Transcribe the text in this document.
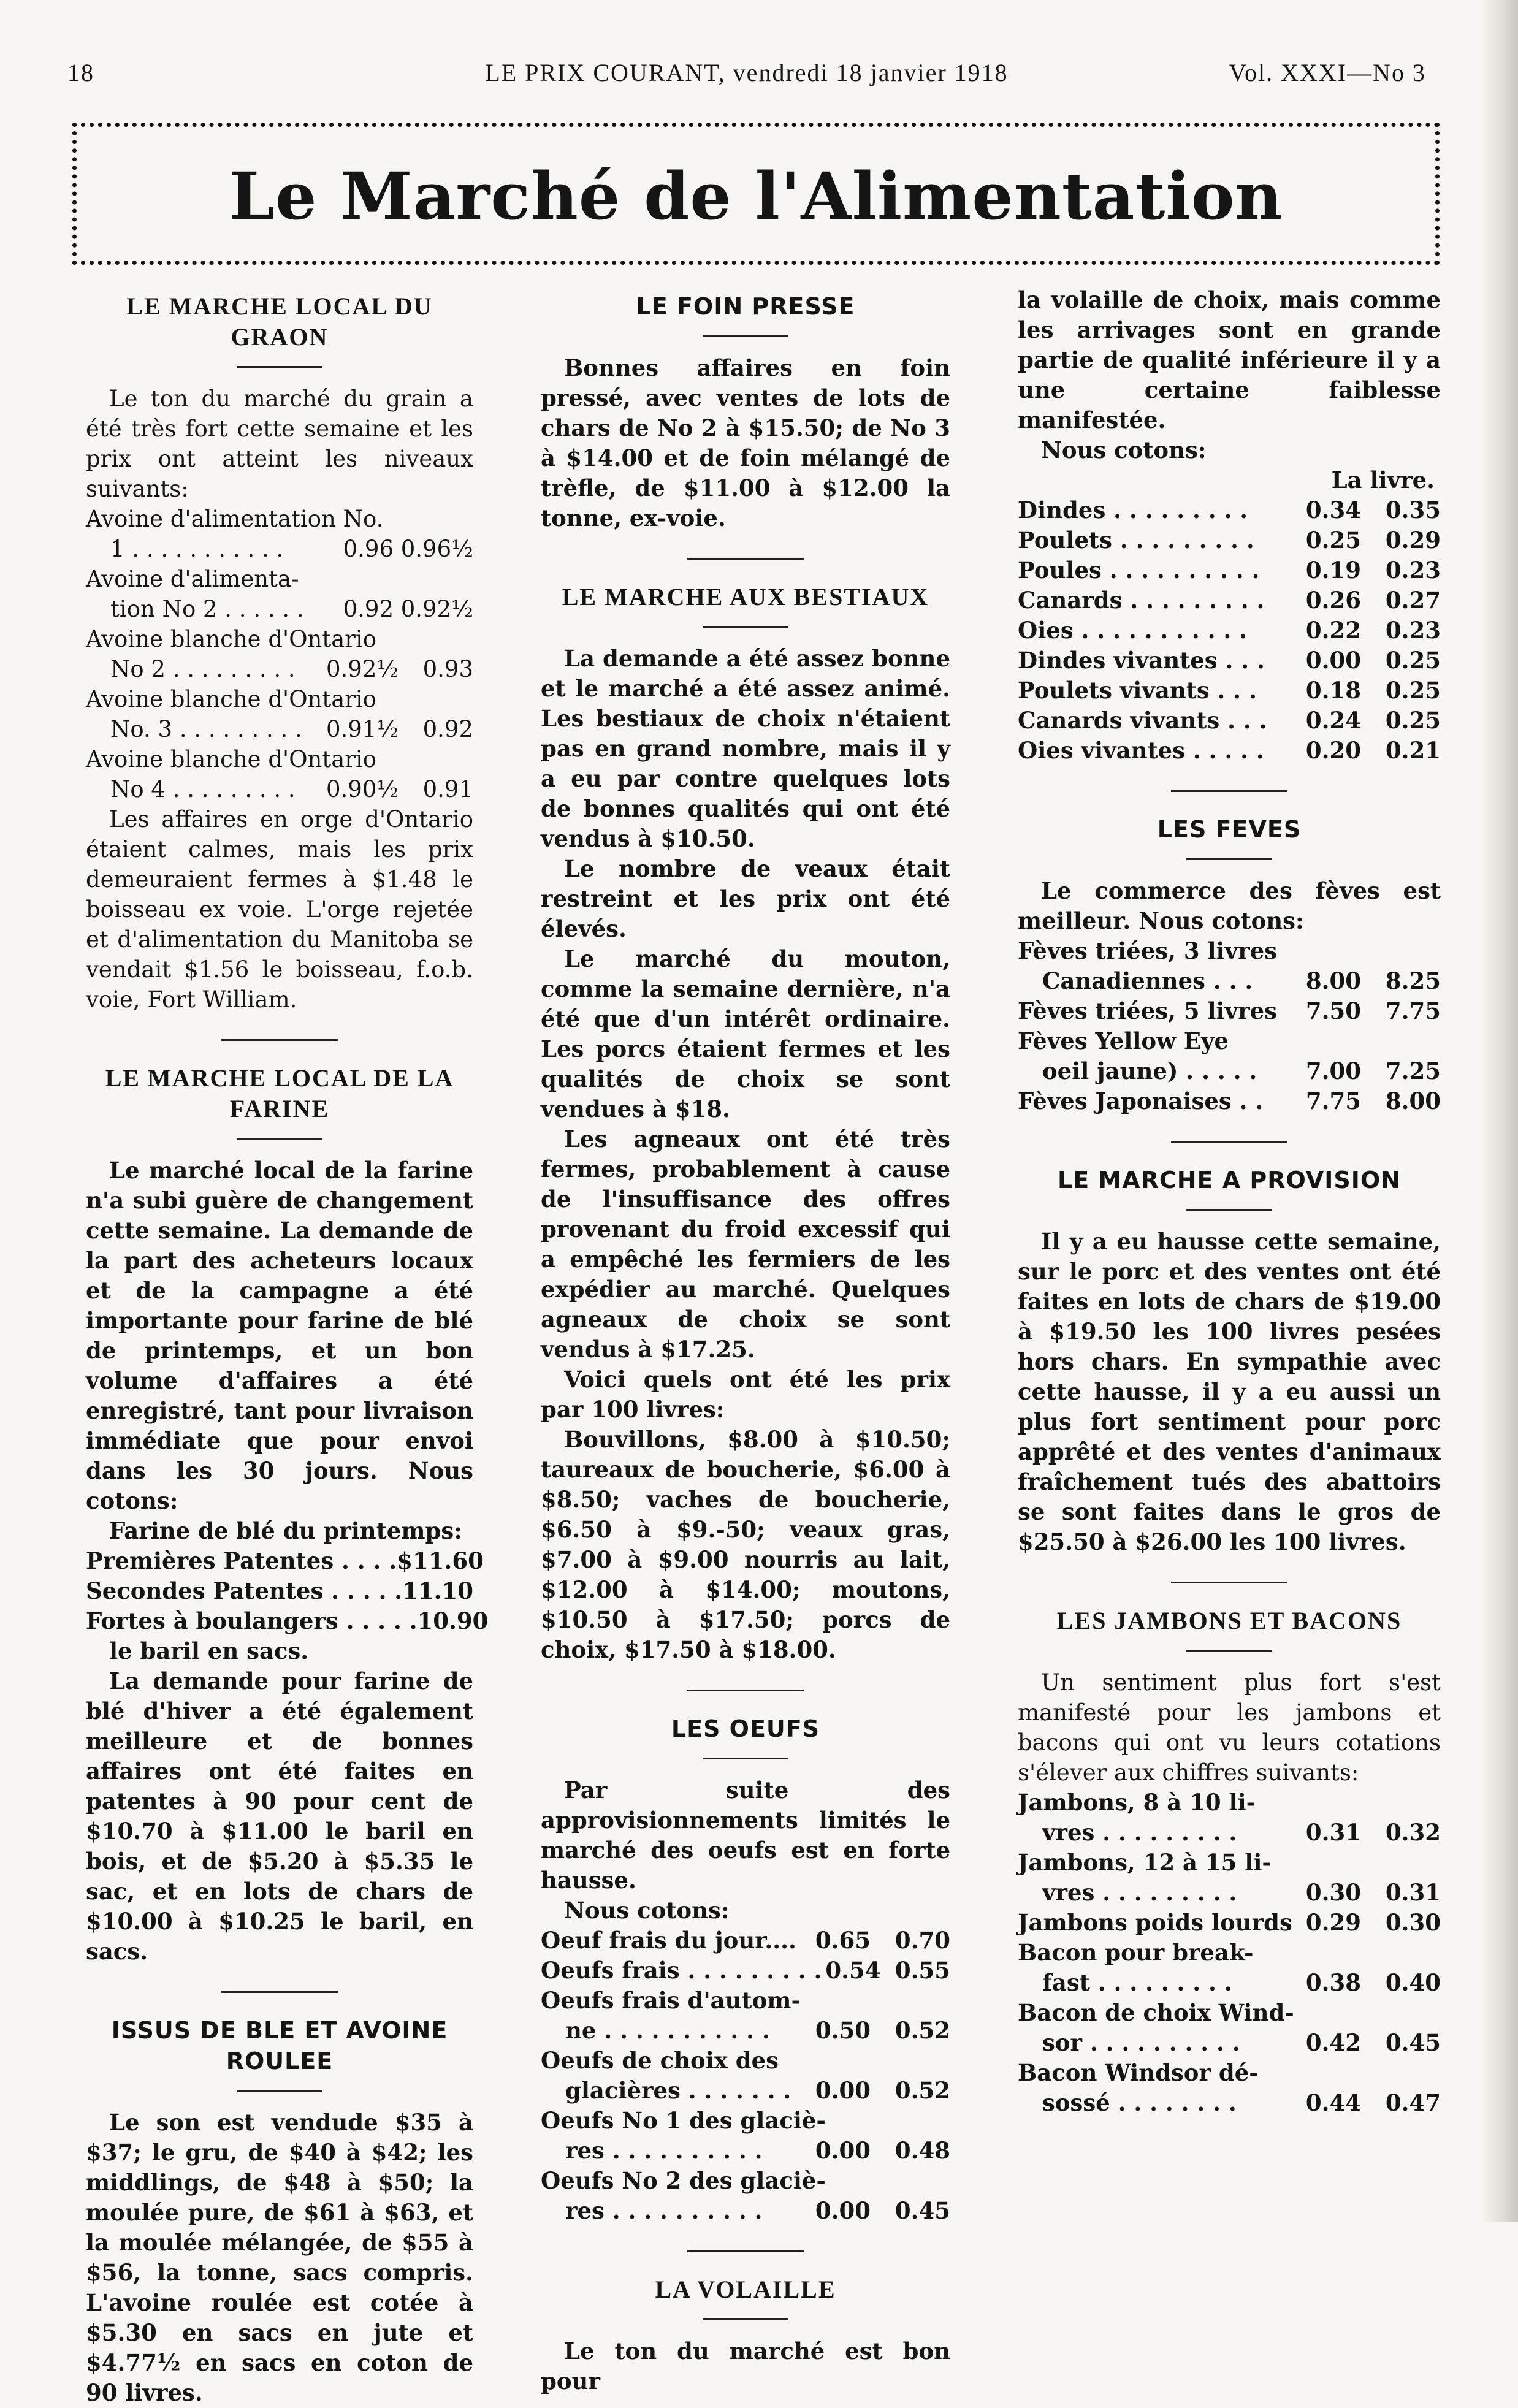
18	LE PRIX COURANT, vendredi 18 janvier 1918	Vol. XXXI—No 3
Le Marché de l'Alimentation
LE MARCHE LOCAL DU GRAON

Le ton du marché du grain a été très fort cette semaine et les prix ont atteint les niveaux suivants:

Avoine d'alimentation No.
1 . . . . . . . . . . .	0.96 0.96½
Avoine d'alimenta-
tion No 2 . . . . . .	0.92 0.92½
Avoine blanche d'Ontario
No 2 . . . . . . . . .	0.92½	0.93
Avoine blanche d'Ontario
No. 3 . . . . . . . . .	0.91½	0.92
Avoine blanche d'Ontario
No 4 . . . . . . . . .	0.90½	0.91

Les affaires en orge d'Ontario étaient calmes, mais les prix demeuraient fermes à $1.48 le boisseau ex voie. L'orge rejetée et d'alimentation du Manitoba se vendait $1.56 le boisseau, f.o.b. voie, Fort William.

LE MARCHE LOCAL DE LA FARINE

Le marché local de la farine n'a subi guère de changement cette semaine. La demande de la part des acheteurs locaux et de la campagne a été importante pour farine de blé de printemps, et un bon volume d'affaires a été enregistré, tant pour livraison immédiate que pour envoi dans les 30 jours. Nous cotons:

Farine de blé du printemps:
Premières Patentes . . . . $11.60
Secondes Patentes . . . . . 11.10
Fortes à boulangers . . . . . 10.90
le baril en sacs.

La demande pour farine de blé d'hiver a été également meilleure et de bonnes affaires ont été faites en patentes à 90 pour cent de $10.70 à $11.00 le baril en bois, et de $5.20 à $5.35 le sac, et en lots de chars de $10.00 à $10.25 le baril, en sacs.

ISSUS DE BLE ET AVOINE ROULEE

Le son est vendude $35 à $37; le gru, de $40 à $42; les middlings, de $48 à $50; la moulée pure, de $61 à $63, et la moulée mélangée, de $55 à $56, la tonne, sacs compris. L'avoine roulée est cotée à $5.30 en sacs en jute et $4.77½ en sacs en coton de 90 livres.

LE FOIN PRESSE

Bonnes affaires en foin pressé, avec ventes de lots de chars de No 2 à $15.50; de No 3 à $14.00 et de foin mélangé de trèfle, de $11.00 à $12.00 la tonne, ex-voie.

LE MARCHE AUX BESTIAUX

La demande a été assez bonne et le marché a été assez animé. Les bestiaux de choix n'étaient pas en grand nombre, mais il y a eu par contre quelques lots de bonnes qualités qui ont été vendus à $10.50.

Le nombre de veaux était restreint et les prix ont été élevés.

Le marché du mouton, comme la semaine dernière, n'a été que d'un intérêt ordinaire. Les porcs étaient fermes et les qualités de choix se sont vendues à $18.

Les agneaux ont été très fermes, probablement à cause de l'insuffisance des offres provenant du froid excessif qui a empêché les fermiers de les expédier au marché. Quelques agneaux de choix se sont vendus à $17.25.

Voici quels ont été les prix par 100 livres:

Bouvillons, $8.00 à $10.50; taureaux de boucherie, $6.00 à $8.50; vaches de boucherie, $6.50 à $9.-50; veaux gras, $7.00 à $9.00 nourris au lait, $12.00 à $14.00; moutons, $10.50 à $17.50; porcs de choix, $17.50 à $18.00.

LES OEUFS

Par suite des approvisionnements limités le marché des oeufs est en forte hausse.

Nous cotons:
Oeuf frais du jour.... 0.65	0.70
Oeufs frais . . . . . . . . . 0.54 0.55
Oeufs frais d'autom-
ne . . . . . . . . . . .	0.50	0.52
Oeufs de choix des
glacières . . . . . . .	0.00	0.52
Oeufs No 1 des glaciè-
res . . . . . . . . . .	0.00	0.48
Oeufs No 2 des glaciè-
res . . . . . . . . . .	0.00	0.45
LA VOLAILLE

Le ton du marché est bon pour

la volaille de choix, mais comme les arrivages sont en grande partie de qualité inférieure il y a une certaine faiblesse manifestée.

Nous cotons:
La livre.
Dindes . . . . . . . . .	0.34	0.35
Poulets . . . . . . . . .	0.25	0.29
Poules . . . . . . . . . .	0.19	0.23
Canards . . . . . . . . .	0.26	0.27
Oies . . . . . . . . . . .	0.22	0.23
Dindes vivantes . . .	0.00	0.25
Poulets vivants . . .	0.18	0.25
Canards vivants . . .	0.24	0.25
Oies vivantes . . . . .	0.20	0.21
LES FEVES

Le commerce des fèves est meilleur. Nous cotons:

Fèves triées, 3 livres
Canadiennes . . .	8.00	8.25
Fèves triées, 5 livres	7.50	7.75
Fèves Yellow Eye
oeil jaune) . . . . .	7.00	7.25
Fèves Japonaises . .	7.75	8.00
LE MARCHE A PROVISION

Il y a eu hausse cette semaine, sur le porc et des ventes ont été faites en lots de chars de $19.00 à $19.50 les 100 livres pesées hors chars. En sympathie avec cette hausse, il y a eu aussi un plus fort sentiment pour porc apprêté et des ventes d'animaux fraîchement tués des abattoirs se sont faites dans le gros de $25.50 à $26.00 les 100 livres.

LES JAMBONS ET BACONS

Un sentiment plus fort s'est manifesté pour les jambons et bacons qui ont vu leurs cotations s'élever aux chiffres suivants:

Jambons, 8 à 10 li-
vres . . . . . . . . .	0.31	0.32
Jambons, 12 à 15 li-
vres . . . . . . . . .	0.30	0.31
Jambons poids lourds 0.29	0.30
Bacon pour break-
fast . . . . . . . . .	0.38	0.40
Bacon de choix Wind-
sor . . . . . . . . . .	0.42	0.45
Bacon Windsor dé-
sossé . . . . . . . .	0.44	0.47
